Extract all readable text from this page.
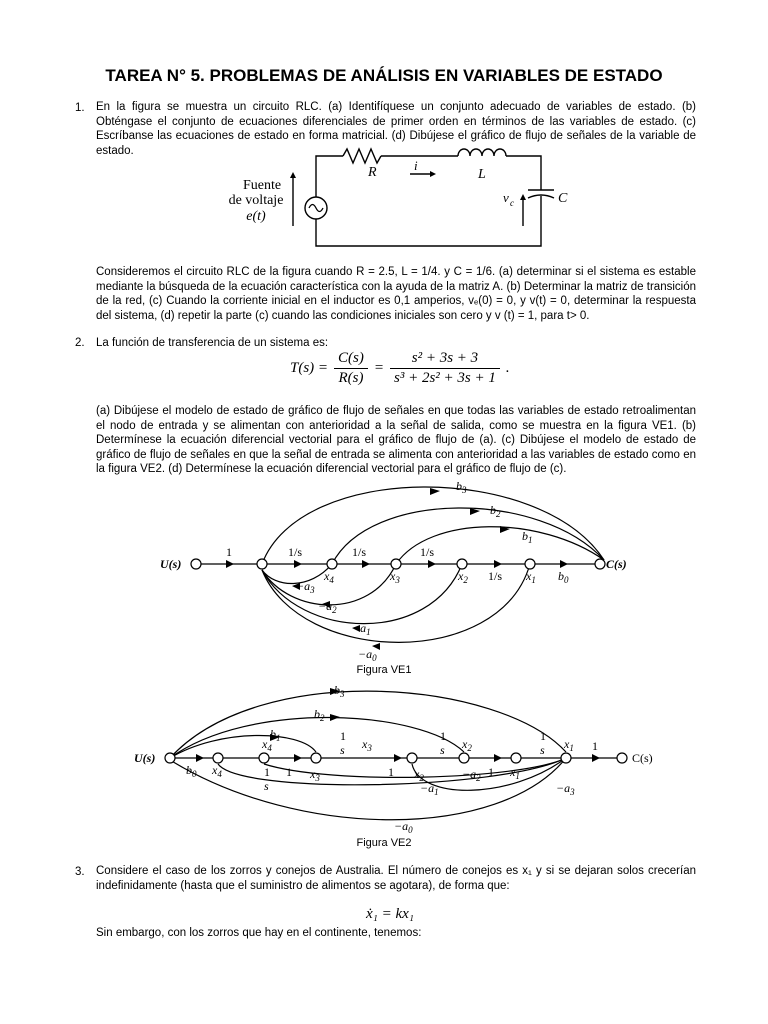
TAREA N° 5. PROBLEMAS DE ANÁLISIS EN VARIABLES DE ESTADO
1. En la figura se muestra un circuito RLC. (a) Identifíquese un conjunto adecuado de variables de estado. (b) Obténgase el conjunto de ecuaciones diferenciales de primer orden en términos de las variables de estado. (c) Escríbanse las ecuaciones de estado en forma matricial. (d) Dibújese el gráfico de flujo de señales de la variable de estado.
Fuente
de voltaje
e(t)
R	i
L
v c	C
Consideremos el circuito RLC de la figura cuando R = 2.5, L = 1/4. y C = 1/6. (a) determinar si el sistema es estable mediante la búsqueda de la ecuación característica con la ayuda de la matriz A. (b) Determinar la matriz de transición de la red, (c) Cuando la corriente inicial en el inductor es 0,1 amperios, vₑ(0) = 0, y v(t) = 0, determinar la respuesta del sistema, (d) repetir la parte (c) cuando las condiciones iniciales son cero y v (t) = 1, para t> 0.
2. La función de transferencia de un sistema es:
$T(s) = \frac{C(s)}{R(s)} = \frac{\text{s² + 3s + 3}}{\text{s³ + 2s² + 3s + 1}}$ .
(a) Dibújese el modelo de estado de gráfico de flujo de señales en que todas las variables de estado retroalimentan el nodo de entrada y se alimentan con anterioridad a la señal de salida, como se muestra en la figura VE1. (b) Determínese la ecuación diferencial vectorial para el gráfico de flujo de (a). (c) Dibújese el modelo de estado de gráfico de flujo de señales en que la señal de entrada se alimenta con anterioridad a las variables de estado como en la figura VE2. (d) Determínese la ecuación diferencial vectorial para el gráfico de flujo de (c).
U(s)	C(s)
1	1/s	1/s	1/s
1/s
$b_3$
$b_2$
$b_1$
$b_0$
$x_4$	$x_3$	$x_2$	$x_1$
$-a_3$
$-a_2$
$-a_1$
$-a_0$
Figura VE1
U(s)	C(s)
$b_3$
$b_2$
$b_1$
$b_0$
$x_4$
$x_4$
$x_3$
$x_3$
$x_2$
$x_2$
$x_1$
$x_1$
1	1	1
1
1
s
1
s
1
s
1
s
$-a_2$
$-a_1$	$-a_3$
$-a_0$
Figura VE2
3. Considere el caso de los zorros y conejos de Australia. El número de conejos es x₁ y si se dejaran solos crecerían indefinidamente (hasta que el suministro de alimentos se agotara), de forma que:
ẋ₁ = kx₁
Sin embargo, con los zorros que hay en el continente, tenemos:
